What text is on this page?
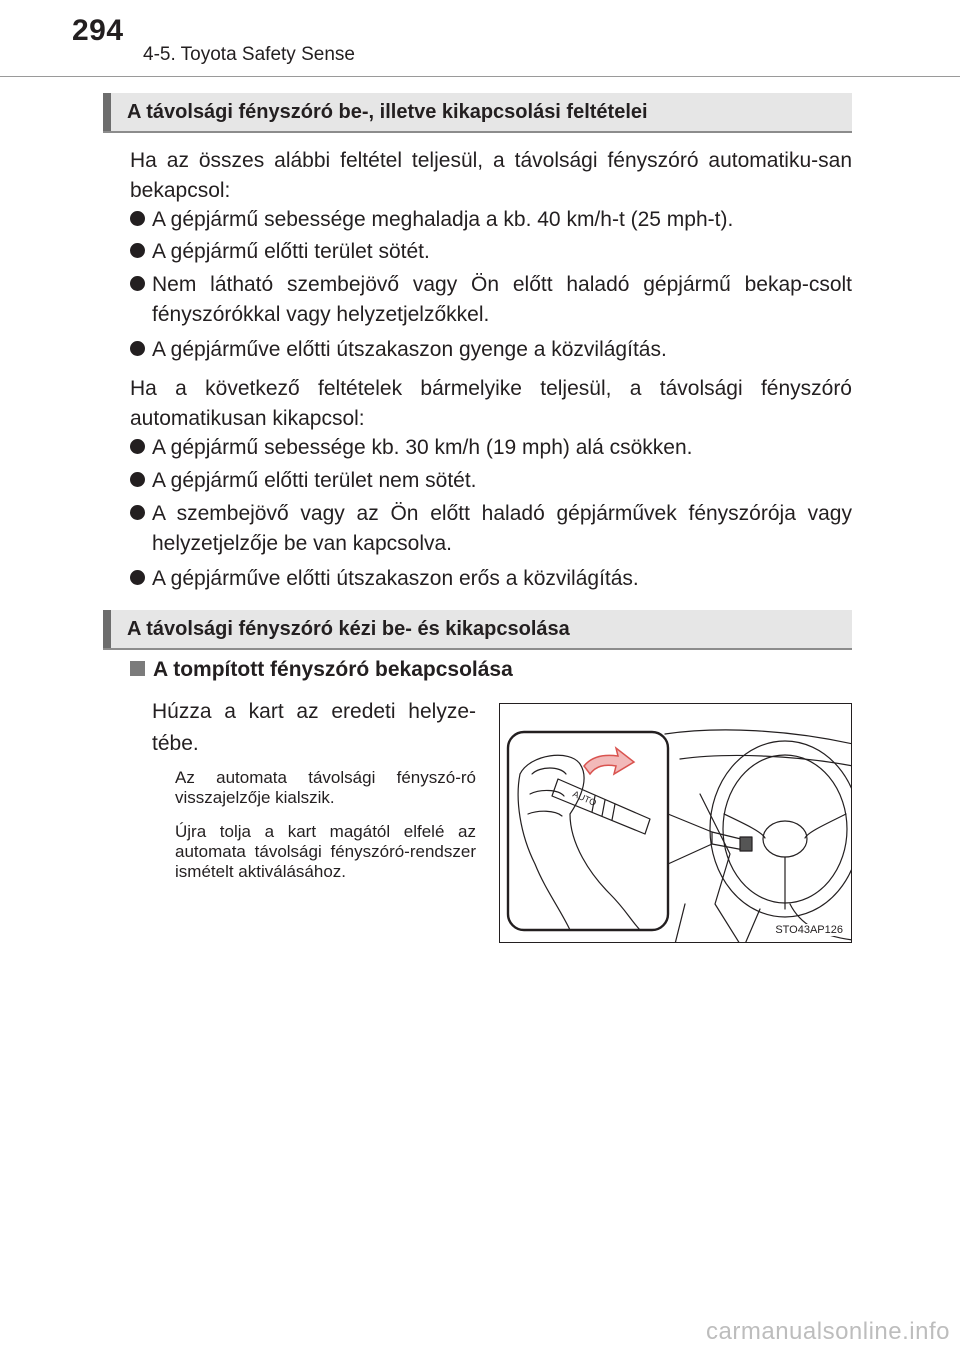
294
4-5. Toyota Safety Sense
A távolsági fényszóró be-, illetve kikapcsolási feltételei
Ha az összes alábbi feltétel teljesül, a távolsági fényszóró automatiku-san bekapcsol:
A gépjármű sebessége meghaladja a kb. 40 km/h-t (25 mph-t).
A gépjármű előtti terület sötét.
Nem látható szembejövő vagy Ön előtt haladó gépjármű bekap-csolt fényszórókkal vagy helyzetjelzőkkel.
A gépjárműve előtti útszakaszon gyenge a közvilágítás.
Ha a következő feltételek bármelyike teljesül, a távolsági fényszóró automatikusan kikapcsol:
A gépjármű sebessége kb. 30 km/h (19 mph) alá csökken.
A gépjármű előtti terület nem sötét.
A szembejövő vagy az Ön előtt haladó gépjárművek fényszórója vagy helyzetjelzője be van kapcsolva.
A gépjárműve előtti útszakaszon erős a közvilágítás.
A távolsági fényszóró kézi be- és kikapcsolása
A tompított fényszóró bekapcsolása
Húzza a kart az eredeti helyze-tébe.
Az automata távolsági fényszó-ró visszajelzője kialszik.
Újra tolja a kart magától elfelé az automata távolsági fényszóró-rendszer ismételt aktiválásához.
AUTO
STO43AP126
carmanualsonline.info
